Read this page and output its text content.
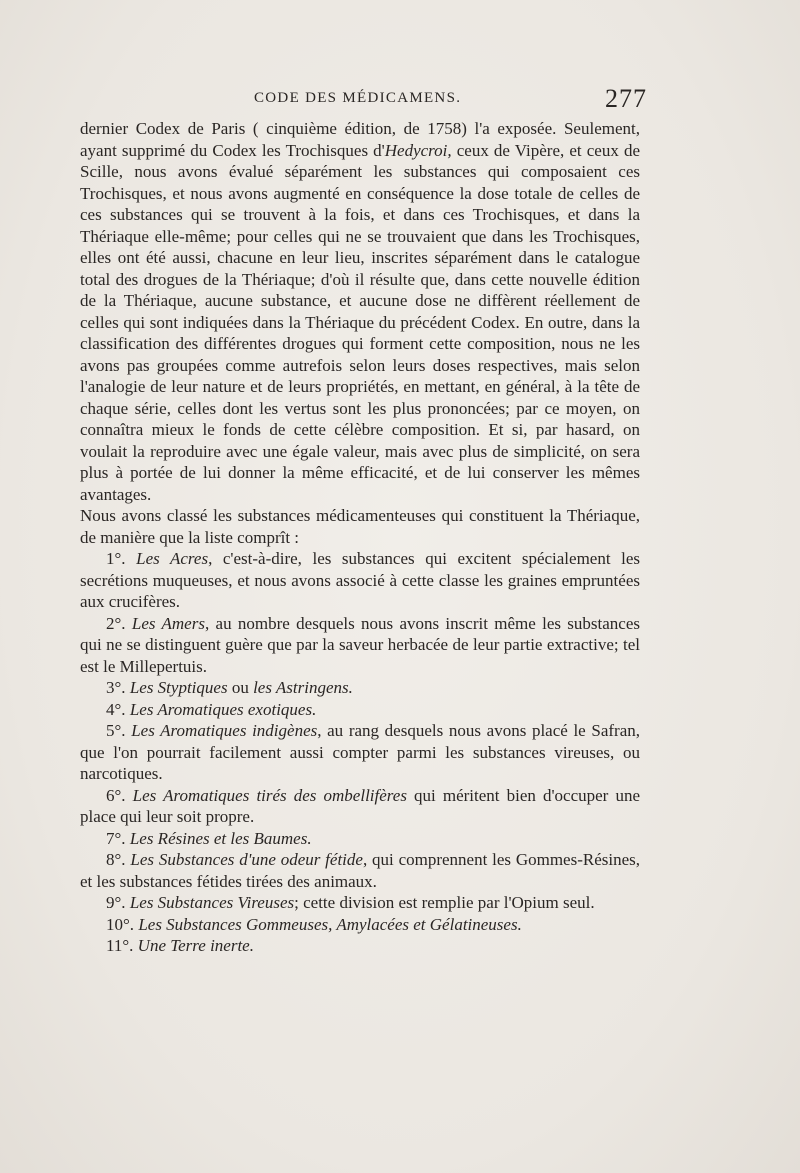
CODE DES MÉDICAMENS.	277

dernier Codex de Paris ( cinquième édition, de 1758) l'a exposée. Seulement, ayant supprimé du Codex les Trochisques d'Hedycroi, ceux de Vipère, et ceux de Scille, nous avons évalué séparément les substances qui composaient ces Trochisques, et nous avons augmenté en conséquence la dose totale de celles de ces substances qui se trouvent à la fois, et dans ces Trochisques, et dans la Thériaque elle-même; pour celles qui ne se trouvaient que dans les Trochisques, elles ont été aussi, chacune en leur lieu, inscrites séparément dans le catalogue total des drogues de la Thériaque; d'où il résulte que, dans cette nouvelle édition de la Thériaque, aucune substance, et aucune dose ne diffèrent réellement de celles qui sont indiquées dans la Thériaque du précédent Codex. En outre, dans la classification des différentes drogues qui forment cette composition, nous ne les avons pas groupées comme autrefois selon leurs doses respectives, mais selon l'analogie de leur nature et de leurs propriétés, en mettant, en général, à la tête de chaque série, celles dont les vertus sont les plus prononcées; par ce moyen, on connaîtra mieux le fonds de cette célèbre composition. Et si, par hasard, on voulait la reproduire avec une égale valeur, mais avec plus de simplicité, on sera plus à portée de lui donner la même efficacité, et de lui conserver les mêmes avantages.

Nous avons classé les substances médicamenteuses qui constituent la Thériaque, de manière que la liste comprît :

1°. Les Acres, c'est-à-dire, les substances qui excitent spécialement les secrétions muqueuses, et nous avons associé à cette classe les graines empruntées aux crucifères.

2°. Les Amers, au nombre desquels nous avons inscrit même les substances qui ne se distinguent guère que par la saveur herbacée de leur partie extractive; tel est le Millepertuis.

3°. Les Styptiques ou les Astringens.

4°. Les Aromatiques exotiques.

5°. Les Aromatiques indigènes, au rang desquels nous avons placé le Safran, que l'on pourrait facilement aussi compter parmi les substances vireuses, ou narcotiques.

6°. Les Aromatiques tirés des ombellifères qui méritent bien d'occuper une place qui leur soit propre.

7°. Les Résines et les Baumes.

8°. Les Substances d'une odeur fétide, qui comprennent les Gommes-Résines, et les substances fétides tirées des animaux.

9°. Les Substances Vireuses; cette division est remplie par l'Opium seul.

10°. Les Substances Gommeuses, Amylacées et Gélatineuses.

11°. Une Terre inerte.
